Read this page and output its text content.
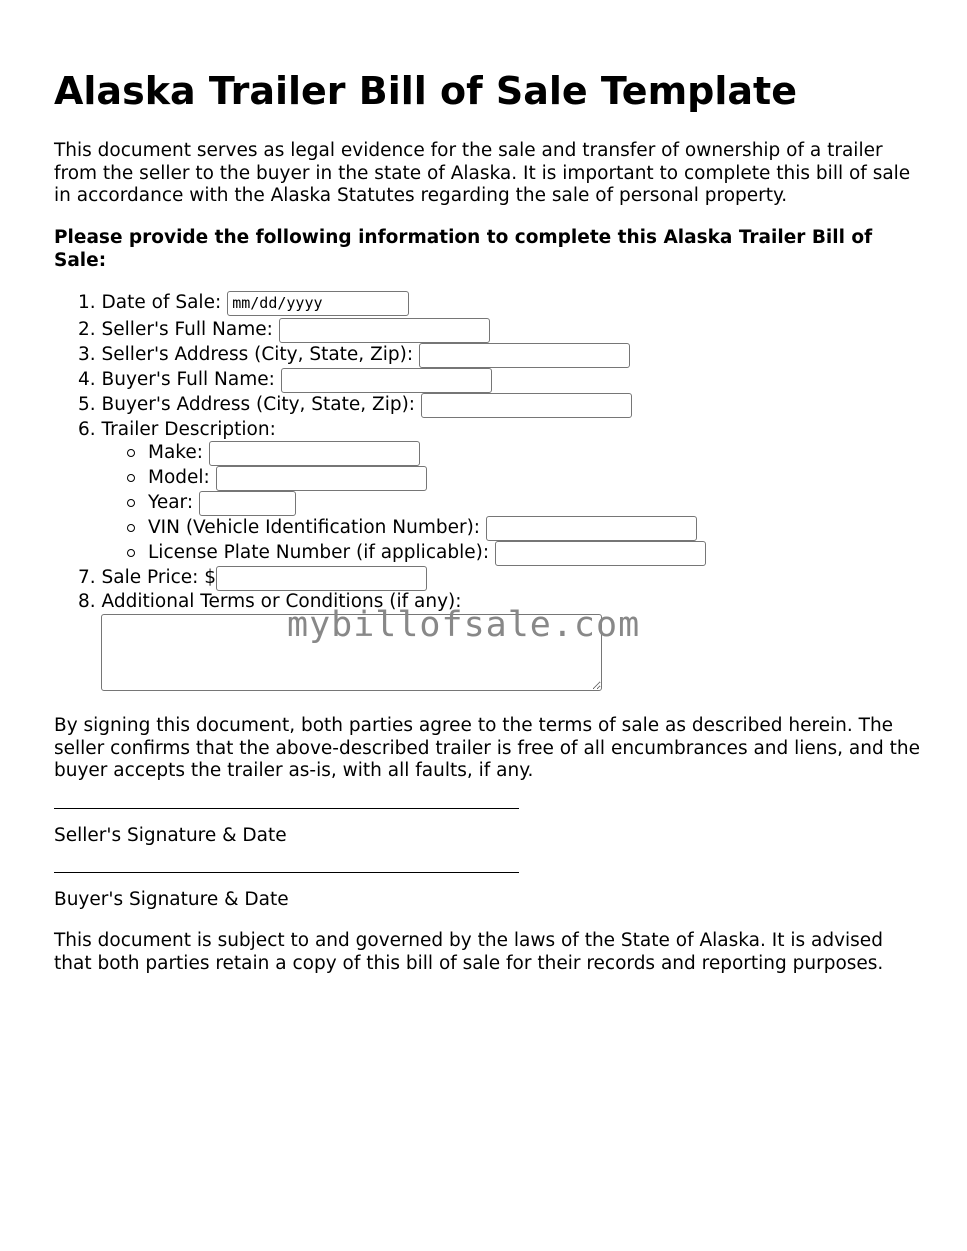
Alaska Trailer Bill of Sale Template

This document serves as legal evidence for the sale and transfer of ownership of a trailer from the seller to the buyer in the state of Alaska. It is important to complete this bill of sale in accordance with the Alaska Statutes regarding the sale of personal property.

Please provide the following information to complete this Alaska Trailer Bill of Sale:

1.
Date of Sale:
mm/dd/yyyy
2.
Seller's Full Name:
3.
Seller's Address (City, State, Zip):
4.
Buyer's Full Name:
5.
Buyer's Address (City, State, Zip):
6.
Trailer Description:
Make:
Model:
Year:
VIN (Vehicle Identification Number):
License Plate Number (if applicable):
7.
Sale Price: $
8.
Additional Terms or Conditions (if any):
mybillofsale.com

By signing this document, both parties agree to the terms of sale as described herein. The seller confirms that the above-described trailer is free of all encumbrances and liens, and the buyer accepts the trailer as-is, with all faults, if any.

Seller's Signature & Date
Buyer's Signature & Date

This document is subject to and governed by the laws of the State of Alaska. It is advised that both parties retain a copy of this bill of sale for their records and reporting purposes.
